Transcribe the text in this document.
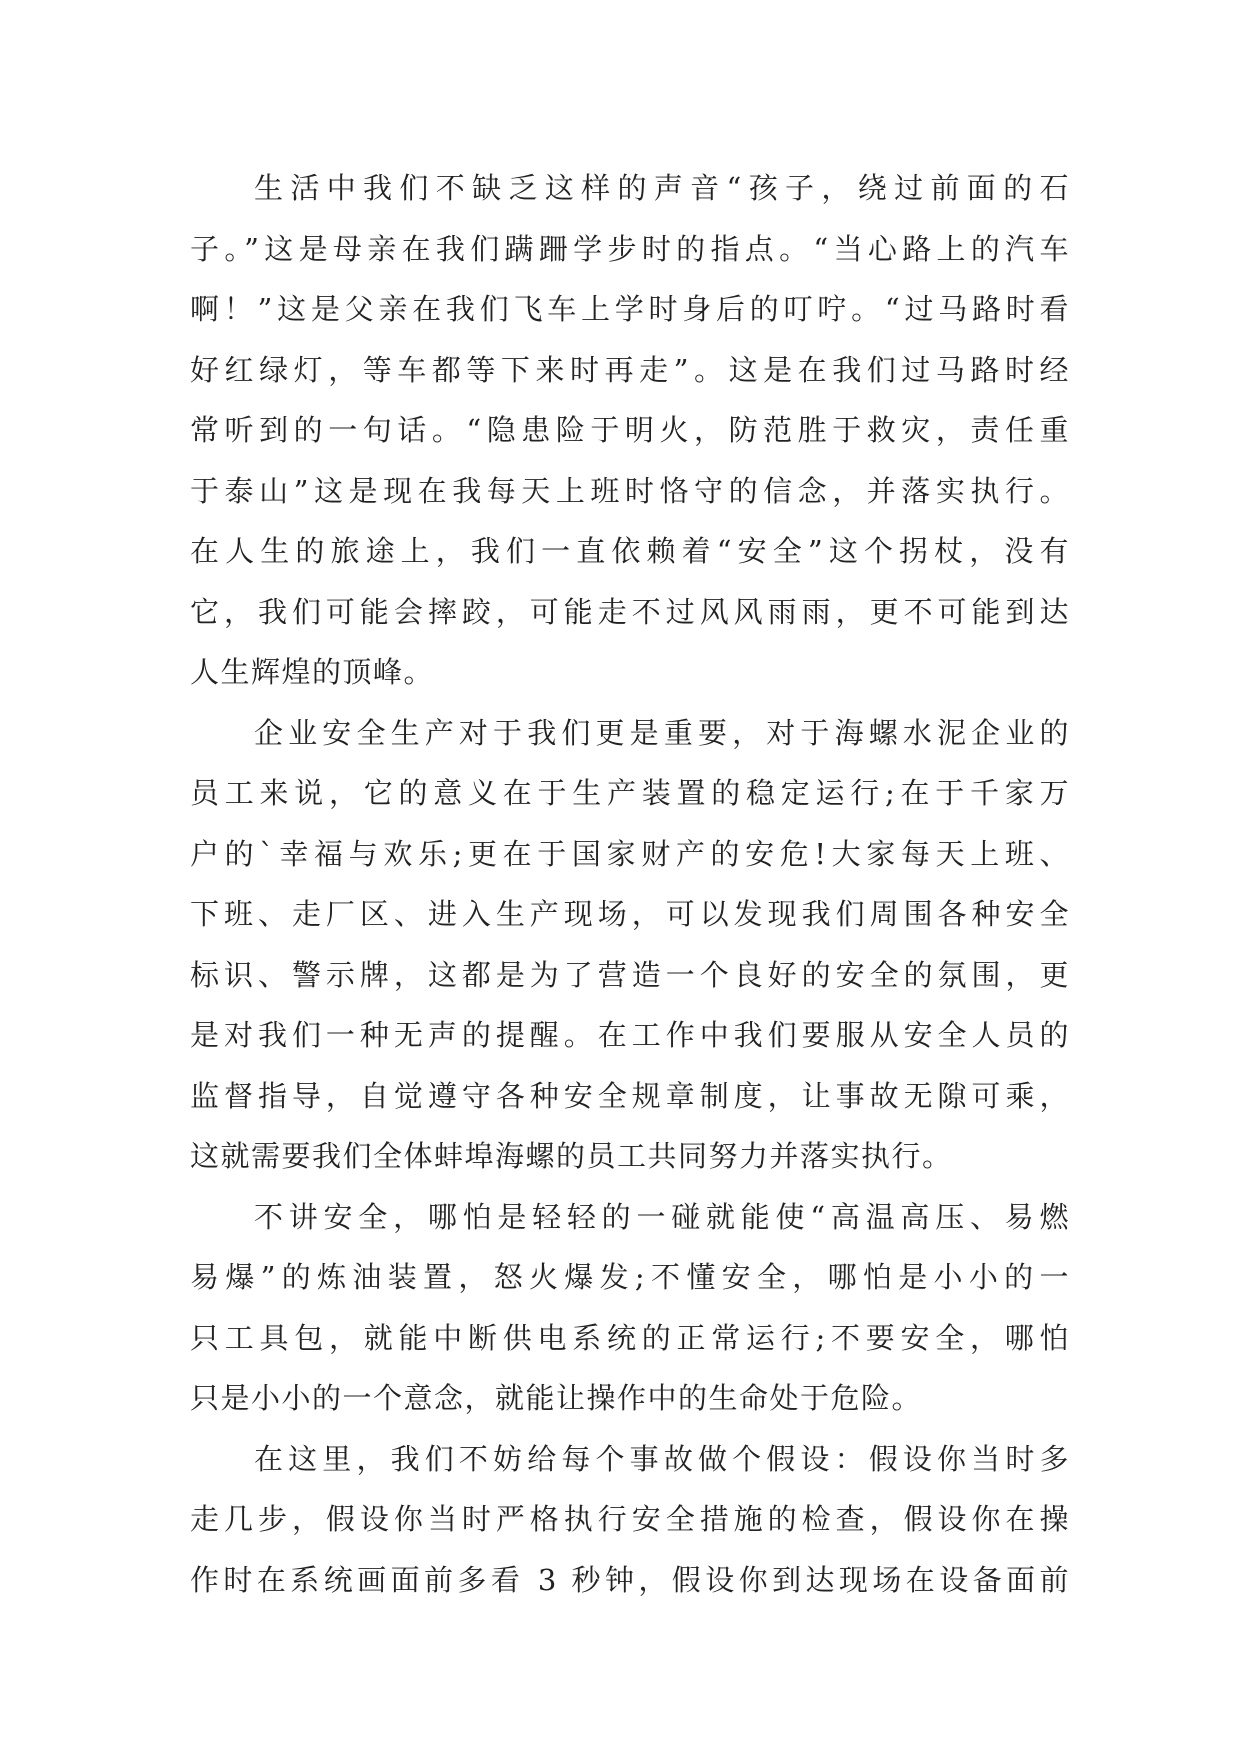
生活中我们不缺乏这样的声音“孩子，绕过前面的石
子。”这是母亲在我们蹒跚学步时的指点。“当心路上的汽车
啊！”这是父亲在我们飞车上学时身后的叮咛。“过马路时看
好红绿灯，等车都等下来时再走”。这是在我们过马路时经
常听到的一句话。“隐患险于明火，防范胜于救灾，责任重
于泰山”这是现在我每天上班时恪守的信念，并落实执行。
在人生的旅途上，我们一直依赖着“安全”这个拐杖，没有
它，我们可能会摔跤，可能走不过风风雨雨，更不可能到达
人生辉煌的顶峰。
企业安全生产对于我们更是重要，对于海螺水泥企业的
员工来说，它的意义在于生产装置的稳定运行;在于千家万
户的`幸福与欢乐;更在于国家财产的安危!大家每天上班、
下班、走厂区、进入生产现场，可以发现我们周围各种安全
标识、警示牌，这都是为了营造一个良好的安全的氛围，更
是对我们一种无声的提醒。在工作中我们要服从安全人员的
监督指导，自觉遵守各种安全规章制度，让事故无隙可乘，
这就需要我们全体蚌埠海螺的员工共同努力并落实执行。
不讲安全，哪怕是轻轻的一碰就能使“高温高压、易燃
易爆”的炼油装置，怒火爆发;不懂安全，哪怕是小小的一
只工具包，就能中断供电系统的正常运行;不要安全，哪怕
只是小小的一个意念，就能让操作中的生命处于危险。
在这里，我们不妨给每个事故做个假设：假设你当时多
走几步，假设你当时严格执行安全措施的检查，假设你在操
作时在系统画面前多看 3 秒钟，假设你到达现场在设备面前
